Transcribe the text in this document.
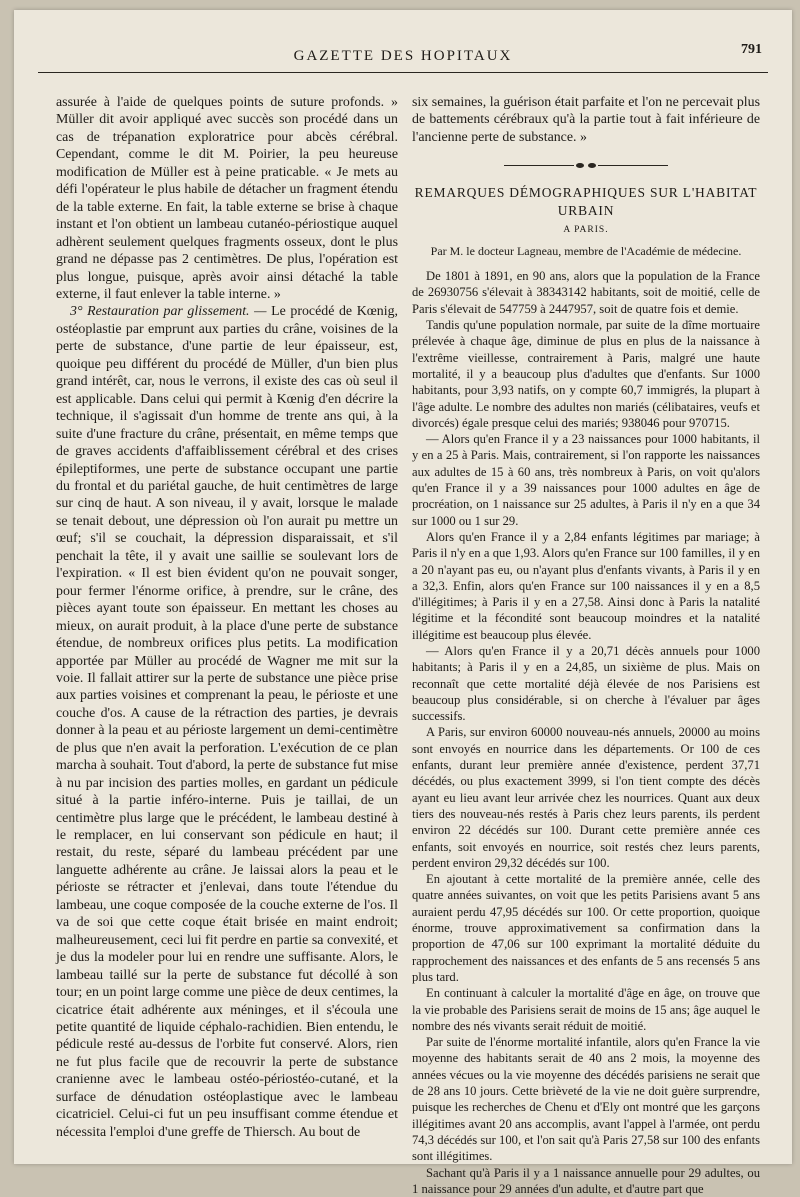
GAZETTE DES HOPITAUX	791

assurée à l'aide de quelques points de suture profonds. » Müller dit avoir appliqué avec succès son procédé dans un cas de trépanation exploratrice pour abcès cérébral. Cependant, comme le dit M. Poirier, la peu heureuse modification de Müller est à peine praticable. « Je mets au défi l'opérateur le plus habile de détacher un fragment étendu de la table externe. En fait, la table externe se brise à chaque instant et l'on obtient un lambeau cutanéo-périostique auquel adhèrent seulement quelques fragments osseux, dont le plus grand ne dépasse pas 2 centimètres. De plus, l'opération est plus longue, puisque, après avoir ainsi détaché la table externe, il faut enlever la table interne. »

3° Restauration par glissement. — Le procédé de Kœnig, ostéoplastie par emprunt aux parties du crâne, voisines de la perte de substance, d'une partie de leur épaisseur, est, quoique peu différent du procédé de Müller, d'un bien plus grand intérêt, car, nous le verrons, il existe des cas où seul il est applicable. Dans celui qui permit à Kœnig d'en décrire la technique, il s'agissait d'un homme de trente ans qui, à la suite d'une fracture du crâne, présentait, en même temps que de graves accidents d'affaiblissement cérébral et des crises épileptiformes, une perte de substance occupant une partie du frontal et du pariétal gauche, de huit centimètres de large sur cinq de haut. A son niveau, il y avait, lorsque le malade se tenait debout, une dépression où l'on aurait pu mettre un œuf; s'il se couchait, la dépression disparaissait, et s'il penchait la tête, il y avait une saillie se soulevant lors de l'expiration. « Il est bien évident qu'on ne pouvait songer, pour fermer l'énorme orifice, à prendre, sur le crâne, des pièces ayant toute son épaisseur. En mettant les choses au mieux, on aurait produit, à la place d'une perte de substance étendue, de nombreux orifices plus petits. La modification apportée par Müller au procédé de Wagner me mit sur la voie. Il fallait attirer sur la perte de substance une pièce prise aux parties voisines et comprenant la peau, le périoste et une couche d'os. A cause de la rétraction des parties, je devrais donner à la peau et au périoste largement un demi-centimètre de plus que n'en avait la perforation. L'exécution de ce plan marcha à souhait. Tout d'abord, la perte de substance fut mise à nu par incision des parties molles, en gardant un pédicule situé à la partie inféro-interne. Puis je taillai, de un centimètre plus large que le précédent, le lambeau destiné à le remplacer, en lui conservant son pédicule en haut; il restait, du reste, séparé du lambeau précédent par une languette adhérente au crâne. Je laissai alors la peau et le périoste se rétracter et j'enlevai, dans toute l'étendue du lambeau, une coque composée de la couche externe de l'os. Il va de soi que cette coque était brisée en maint endroit; malheureusement, ceci lui fit perdre en partie sa convexité, et je dus la modeler pour lui en rendre une suffisante. Alors, le lambeau taillé sur la perte de substance fut décollé à son tour; en un point large comme une pièce de deux centimes, la cicatrice était adhérente aux méninges, et il s'écoula une petite quantité de liquide céphalo-rachidien. Bien entendu, le pédicule resté au-dessus de l'orbite fut conservé. Alors, rien ne fut plus facile que de recouvrir la perte de substance cranienne avec le lambeau ostéo-périostéo-cutané, et la surface de dénudation ostéoplastique avec le lambeau cicatriciel. Celui-ci fut un peu insuffisant comme étendue et nécessita l'emploi d'une greffe de Thiersch. Au bout de

six semaines, la guérison était parfaite et l'on ne percevait plus de battements cérébraux qu'à la partie tout à fait inférieure de l'ancienne perte de substance. »

REMARQUES DÉMOGRAPHIQUES SUR L'HABITAT URBAIN
A PARIS.
Par M. le docteur Lagneau, membre de l'Académie de médecine.

De 1801 à 1891, en 90 ans, alors que la population de la France de 26930756 s'élevait à 38343142 habitants, soit de moitié, celle de Paris s'élevait de 547759 à 2447957, soit de quatre fois et demie.

Tandis qu'une population normale, par suite de la dîme mortuaire prélevée à chaque âge, diminue de plus en plus de la naissance à l'extrême vieillesse, contrairement à Paris, malgré une haute mortalité, il y a beaucoup plus d'adultes que d'enfants. Sur 1000 habitants, pour 3,93 natifs, on y compte 60,7 immigrés, la plupart à l'âge adulte. Le nombre des adultes non mariés (célibataires, veufs et divorcés) égale presque celui des mariés; 938046 pour 970715.

— Alors qu'en France il y a 23 naissances pour 1000 habitants, il y en a 25 à Paris. Mais, contrairement, si l'on rapporte les naissances aux adultes de 15 à 60 ans, très nombreux à Paris, on voit qu'alors qu'en France il y a 39 naissances pour 1000 adultes en âge de procréation, on 1 naissance sur 25 adultes, à Paris il n'y en a que 34 sur 1000 ou 1 sur 29.

Alors qu'en France il y a 2,84 enfants légitimes par mariage; à Paris il n'y en a que 1,93. Alors qu'en France sur 100 familles, il y en a 20 n'ayant pas eu, ou n'ayant plus d'enfants vivants, à Paris il y en a 32,3. Enfin, alors qu'en France sur 100 naissances il y en a 8,5 d'illégitimes; à Paris il y en a 27,58. Ainsi donc à Paris la natalité légitime et la fécondité sont beaucoup moindres et la natalité illégitime est beaucoup plus élevée.

— Alors qu'en France il y a 20,71 décès annuels pour 1000 habitants; à Paris il y en a 24,85, un sixième de plus. Mais on reconnaît que cette mortalité déjà élevée de nos Parisiens est beaucoup plus considérable, si on cherche à l'évaluer par âges successifs.

A Paris, sur environ 60000 nouveau-nés annuels, 20000 au moins sont envoyés en nourrice dans les départements. Or 100 de ces enfants, durant leur première année d'existence, perdent 37,71 décédés, ou plus exactement 3999, si l'on tient compte des décès ayant eu lieu avant leur arrivée chez les nourrices. Quant aux deux tiers des nouveau-nés restés à Paris chez leurs parents, ils perdent environ 22 décédés sur 100. Durant cette première année ces enfants, soit envoyés en nourrice, soit restés chez leurs parents, perdent environ 29,32 décédés sur 100.

En ajoutant à cette mortalité de la première année, celle des quatre années suivantes, on voit que les petits Parisiens avant 5 ans auraient perdu 47,95 décédés sur 100. Or cette proportion, quoique énorme, trouve approximativement sa confirmation dans la proportion de 47,06 sur 100 exprimant la mortalité déduite du rapprochement des naissances et des enfants de 5 ans recensés 5 ans plus tard.

En continuant à calculer la mortalité d'âge en âge, on trouve que la vie probable des Parisiens serait de moins de 15 ans; âge auquel le nombre des nés vivants serait réduit de moitié.

Par suite de l'énorme mortalité infantile, alors qu'en France la vie moyenne des habitants serait de 40 ans 2 mois, la moyenne des années vécues ou la vie moyenne des décédés parisiens ne serait que de 28 ans 10 jours. Cette brièveté de la vie ne doit guère surprendre, puisque les recherches de Chenu et d'Ely ont montré que les garçons illégitimes avant 20 ans accomplis, avant l'appel à l'armée, ont perdu 74,3 décédés sur 100, et l'on sait qu'à Paris 27,58 sur 100 des enfants sont illégitimes.

Sachant qu'à Paris il y a 1 naissance annuelle pour 29 adultes, ou 1 naissance pour 29 années d'un adulte, et d'autre part que
